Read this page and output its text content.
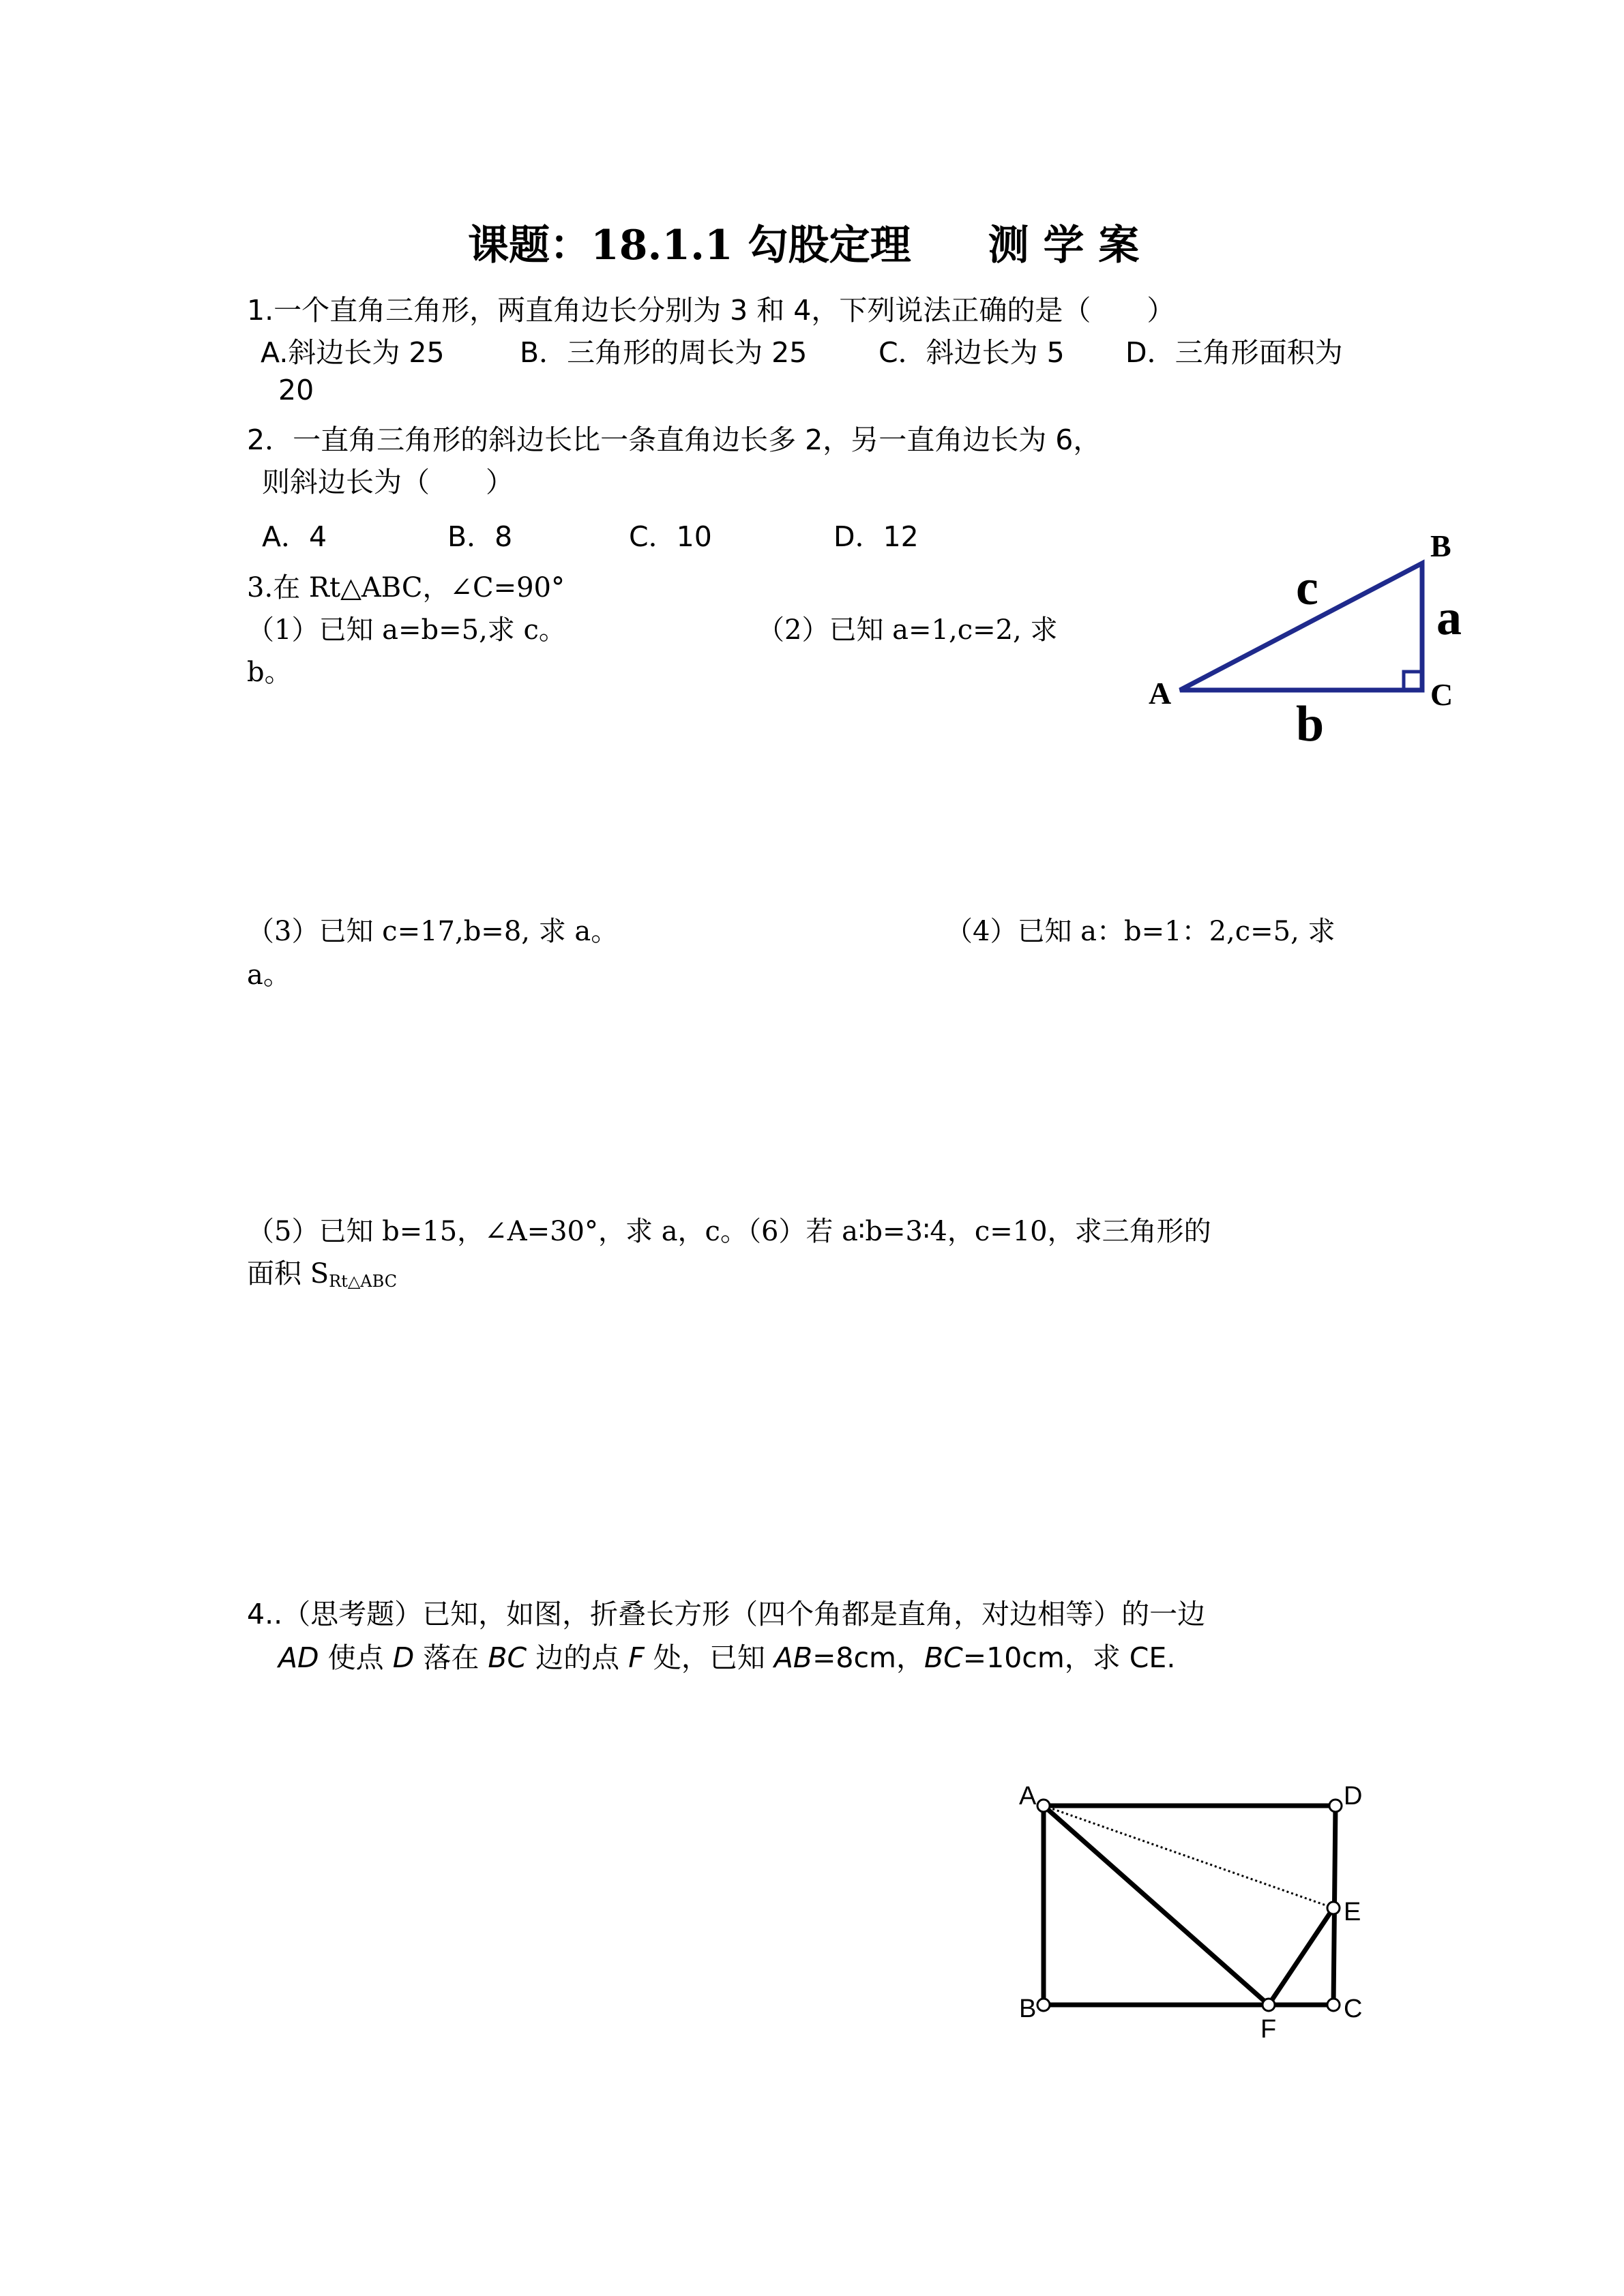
课题：18.1.1 勾股定理 测 学 案
1.一个直角三角形，两直角边长分别为 3 和 4，下列说法正确的是（　　）
A.斜边长为 25	B．三角形的周长为 25	C．斜边长为 5 D．三角形面积为
20
2．一直角三角形的斜边长比一条直角边长多 2，另一直角边长为 6，
则斜边长为（　　）
A．4	B．8	C．10	D．12
3.在 Rt△ABC，∠C=90°
（1）已知 a=b=5,求 c。	（2）已知 a=1,c=2, 求
b。
（3）已知 c=17,b=8, 求 a。	（4）已知 a：b=1：2,c=5, 求
a。
（5）已知 b=15，∠A=30°，求 a，c。（6）若 a∶b=3∶4，c=10，求三角形的
面积 $S_{Rt\triangle ABC}$
4..（思考题）已知，如图，折叠长方形（四个角都是直角，对边相等）的一边
AD 使点 D 落在 BC 边的点 F 处，已知 AB=8cm，BC=10cm，求 CE.
A
B
C
a
b
c
A	D
E
C
B
F
